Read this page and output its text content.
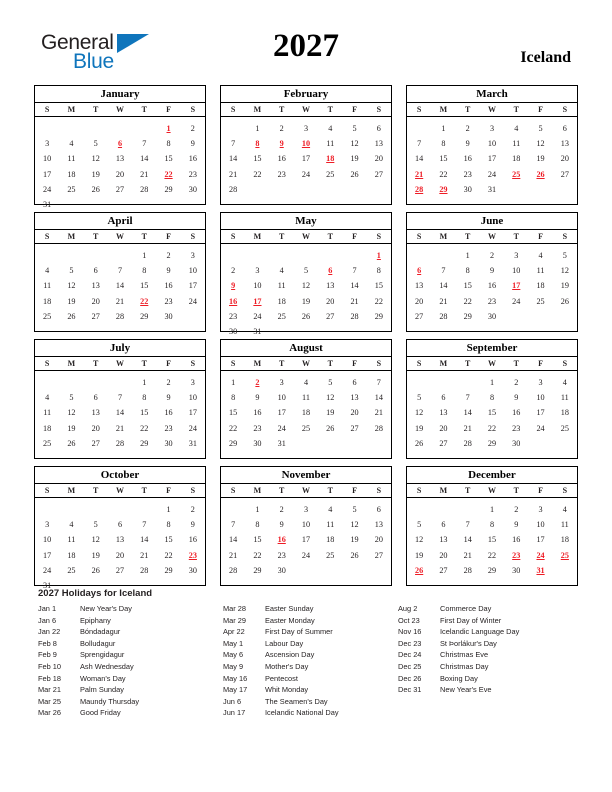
General
Blue	2027	Iceland
January
S	M	T	W	T	F	S

					1	2
3	4	5	6	7	8	9
10	11	12	13	14	15	16
17	18	19	20	21	22	23
24	25	26	27	28	29	30
31						
February
S	M	T	W	T	F	S

	1	2	3	4	5	6
7	8	9	10	11	12	13
14	15	16	17	18	19	20
21	22	23	24	25	26	27
28						

March
S	M	T	W	T	F	S

	1	2	3	4	5	6
7	8	9	10	11	12	13
14	15	16	17	18	19	20
21	22	23	24	25	26	27
28	29	30	31			

April
S	M	T	W	T	F	S

				1	2	3
4	5	6	7	8	9	10
11	12	13	14	15	16	17
18	19	20	21	22	23	24
25	26	27	28	29	30	

May
S	M	T	W	T	F	S

						1
2	3	4	5	6	7	8
9	10	11	12	13	14	15
16	17	18	19	20	21	22
23	24	25	26	27	28	29
30	31					
June
S	M	T	W	T	F	S

		1	2	3	4	5
6	7	8	9	10	11	12
13	14	15	16	17	18	19
20	21	22	23	24	25	26
27	28	29	30			

July
S	M	T	W	T	F	S

				1	2	3
4	5	6	7	8	9	10
11	12	13	14	15	16	17
18	19	20	21	22	23	24
25	26	27	28	29	30	31

August
S	M	T	W	T	F	S

1	2	3	4	5	6	7
8	9	10	11	12	13	14
15	16	17	18	19	20	21
22	23	24	25	26	27	28
29	30	31				

September
S	M	T	W	T	F	S

			1	2	3	4
5	6	7	8	9	10	11
12	13	14	15	16	17	18
19	20	21	22	23	24	25
26	27	28	29	30		

October
S	M	T	W	T	F	S

					1	2
3	4	5	6	7	8	9
10	11	12	13	14	15	16
17	18	19	20	21	22	23
24	25	26	27	28	29	30
31						
November
S	M	T	W	T	F	S

	1	2	3	4	5	6
7	8	9	10	11	12	13
14	15	16	17	18	19	20
21	22	23	24	25	26	27
28	29	30				

December
S	M	T	W	T	F	S

			1	2	3	4
5	6	7	8	9	10	11
12	13	14	15	16	17	18
19	20	21	22	23	24	25
26	27	28	29	30	31	

2027 Holidays for Iceland
Jan 1	New Year's Day
Jan 6	Epiphany
Jan 22	Bóndadagur
Feb 8	Bolludagur
Feb 9	Sprengidagur
Feb 10	Ash Wednesday
Feb 18	Woman's Day
Mar 21	Palm Sunday
Mar 25	Maundy Thursday
Mar 26	Good Friday
Mar 28	Easter Sunday
Mar 29	Easter Monday
Apr 22	First Day of Summer
May 1	Labour Day
May 6	Ascension Day
May 9	Mother's Day
May 16	Pentecost
May 17	Whit Monday
Jun 6	The Seamen's Day
Jun 17	Icelandic National Day
Aug 2	Commerce Day
Oct 23	First Day of Winter
Nov 16	Icelandic Language Day
Dec 23	St Þorlákur's Day
Dec 24	Christmas Eve
Dec 25	Christmas Day
Dec 26	Boxing Day
Dec 31	New Year's Eve
